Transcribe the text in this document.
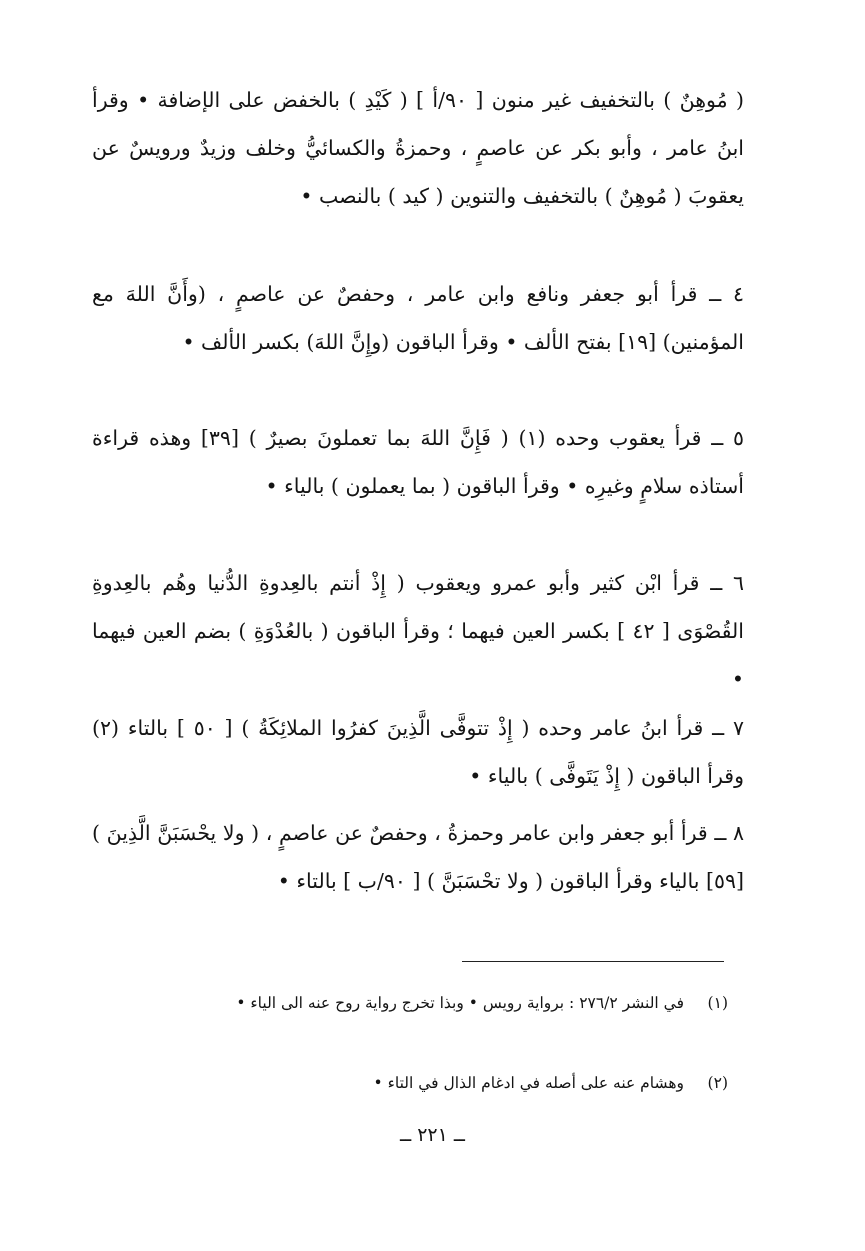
( مُوهِنٌ ) بالتخفيف غير منون [ ٩٠/أ ] ( كَيْدِ ) بالخفض على الإضافة • وقرأ ابنُ عامر ، وأبو بكر عن عاصمٍ ، وحمزةُ والكسائيُّ وخلف وزيدٌ ورويسٌ عن يعقوبَ ( مُوهِنٌ ) بالتخفيف والتنوين ( كيد ) بالنصب •

٤ ــ قرأ أبو جعفر ونافع وابن عامر ، وحفصٌ عن عاصمٍ ، (وأَنَّ اللهَ مع المؤمنين) [١٩] بفتح الألف • وقرأ الباقون (وإِنَّ اللهَ) بكسر الألف •

٥ ــ قرأ يعقوب وحده (١) ( فَإِنَّ اللهَ بما تعملونَ بصيرٌ ) [٣٩] وهذه قراءة أستاذه سلامٍ وغيرِه • وقرأ الباقون ( بما يعملون ) بالياء •

٦ ــ قرأ ابْن كثير وأبو عمرو ويعقوب ( إِذْ أنتم بالعِدوةِ الدُّنيا وهُم بالعِدوةِ القُصْوَى [ ٤٢ ] بكسر العين فيهما ؛ وقرأ الباقون ( بالعُدْوَةِ ) بضم العين فيهما •

٧ ــ قرأ ابنُ عامر وحده ( إِذْ تتوفَّى الَّذِينَ كفرُوا الملائِكَةُ ) [ ٥٠ ] بالتاء (٢) وقرأ الباقون ( إِذْ يَتَوفَّى ) بالياء •

٨ ــ قرأ أبو جعفر وابن عامر وحمزةُ ، وحفصٌ عن عاصمٍ ، ( ولا يحْسَبَنَّ الَّذِينَ ) [٥٩] بالياء وقرأ الباقون ( ولا تحْسَبَنَّ ) [ ٩٠/ب ] بالتاء •

(١)في النشر ٢٧٦/٢ : برواية رويس • وبذا تخرج رواية روح عنه الى الياء •
(٢)وهشام عنه على أصله في ادغام الذال في التاء •
ــ ٢٢١ ــ
